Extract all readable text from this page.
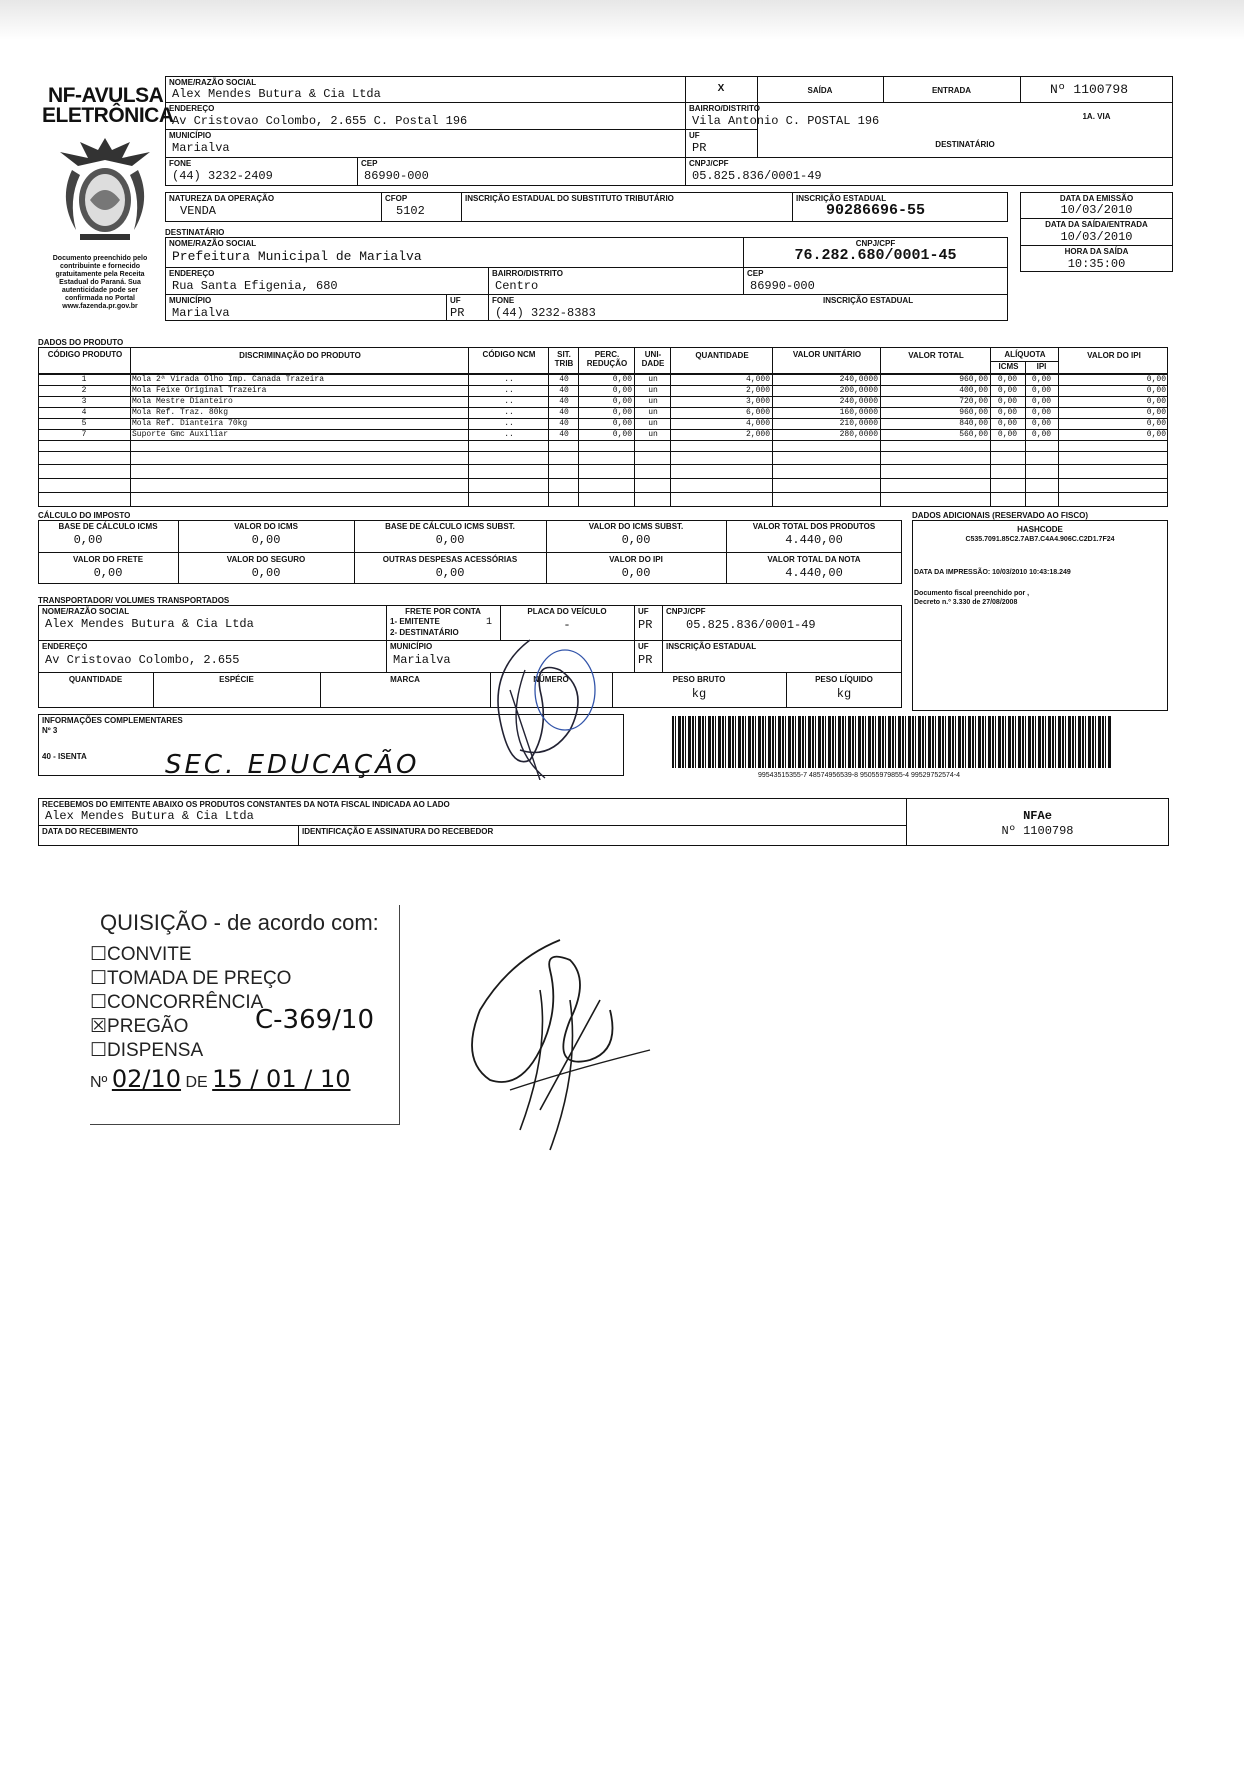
NF-AVULSA
ELETRÔNICA
Documento preenchido pelo
contribuinte e fornecido
gratuitamente pela Receita
Estadual do Paraná. Sua
autenticidade pode ser
confirmada no Portal
www.fazenda.pr.gov.br
NOME/RAZÃO SOCIAL
Alex Mendes Butura & Cia Ltda
ENDEREÇO
Av Cristovao Colombo, 2.655 C. Postal 196
MUNICÍPIO
Marialva
FONE
(44) 3232-2409
CEP
86990-000
X	SAÍDA	ENTRADA	Nº 1100798
1A. VIA
DESTINATÁRIO
BAIRRO/DISTRITO
Vila Antonio C. POSTAL 196
UF
PR
CNPJ/CPF
05.825.836/0001-49
NATUREZA DA OPERAÇÃO
VENDA
CFOP
5102
INSCRIÇÃO ESTADUAL DO SUBSTITUTO TRIBUTÁRIO	INSCRIÇÃO ESTADUAL
90286696-55
DATA DA EMISSÃO
10/03/2010
DATA DA SAÍDA/ENTRADA
10/03/2010
HORA DA SAÍDA
10:35:00
DESTINATÁRIO
NOME/RAZÃO SOCIAL
Prefeitura Municipal de Marialva
CNPJ/CPF
76.282.680/0001-45
ENDEREÇO
Rua Santa Efigenia, 680
BAIRRO/DISTRITO
Centro
CEP
86990-000
MUNICÍPIO
Marialva
UF
PR
FONE
(44) 3232-8383
INSCRIÇÃO ESTADUAL
DADOS DO PRODUTO
CÓDIGO PRODUTO	DISCRIMINAÇÃO DO PRODUTO	CÓDIGO NCM	SIT. TRIB
PERC. REDUÇÃO
UNI- DADE
QUANTIDADE	VALOR UNITÁRIO	VALOR TOTAL	ALÍQUOTA
ICMS	IPI
VALOR DO IPI
1	Mola 2ª Virada Olho Imp. Canada Trazeira	..	40	0,00	un	4,000	240,0000	960,00	0,00	0,00	0,00
2	Mola Feixe Original Trazeira	..	40	0,00	un	2,000	200,0000	400,00	0,00	0,00	0,00
3	Mola Mestre Dianteiro	..	40	0,00	un	3,000	240,0000	720,00	0,00	0,00	0,00
4	Mola Ref. Traz. 80kg	..	40	0,00	un	6,000	160,0000	960,00	0,00	0,00	0,00
5	Mola Ref. Dianteira 70kg	..	40	0,00	un	4,000	210,0000	840,00	0,00	0,00	0,00
7	Suporte Gmc Auxiliar	..	40	0,00	un	2,000	280,0000	560,00	0,00	0,00	0,00
CÁLCULO DO IMPOSTO
BASE DE CÁLCULO ICMS
0,00
VALOR DO ICMS
0,00
BASE DE CÁLCULO ICMS SUBST.
0,00
VALOR DO ICMS SUBST.
0,00
VALOR TOTAL DOS PRODUTOS
4.440,00
VALOR DO FRETE
0,00
VALOR DO SEGURO
0,00
OUTRAS DESPESAS ACESSÓRIAS
0,00
VALOR DO IPI
0,00
VALOR TOTAL DA NOTA
4.440,00
DADOS ADICIONAIS (RESERVADO AO FISCO)
HASHCODE
C535.7091.85C2.7AB7.C4A4.906C.C2D1.7F24
DATA DA IMPRESSÃO: 10/03/2010 10:43:18.249
Documento fiscal preenchido por ,
Decreto n.º 3.330 de 27/08/2008
TRANSPORTADOR/ VOLUMES TRANSPORTADOS
NOME/RAZÃO SOCIAL
Alex Mendes Butura & Cia Ltda
FRETE POR CONTA
1- EMITENTE
2- DESTINATÁRIO
1
PLACA DO VEÍCULO
-
UF
PR
CNPJ/CPF
05.825.836/0001-49
ENDEREÇO
Av Cristovao Colombo, 2.655
MUNICÍPIO
Marialva
UF
PR
INSCRIÇÃO ESTADUAL
QUANTIDADE	ESPÉCIE	MARCA	NÚMERO	PESO BRUTO
kg
PESO LÍQUIDO
kg
INFORMAÇÕES COMPLEMENTARES
Nº 3
40 - ISENTA	SEC. EDUCAÇÃO	99543515355-7 48574956539-8 95055979855-4 99529752574-4
RECEBEMOS DO EMITENTE ABAIXO OS PRODUTOS CONSTANTES DA NOTA FISCAL INDICADA AO LADO
Alex Mendes Butura & Cia Ltda
DATA DO RECEBIMENTO	IDENTIFICAÇÃO E ASSINATURA DO RECEBEDOR
NFAe
Nº 1100798
QUISIÇÃO - de acordo com:
☐CONVITE
☐TOMADA DE PREÇO
☐CONCORRÊNCIA
☒PREGÃO	C-369/10
☐DISPENSA
Nº 02/10 DE 15 / 01 / 10
